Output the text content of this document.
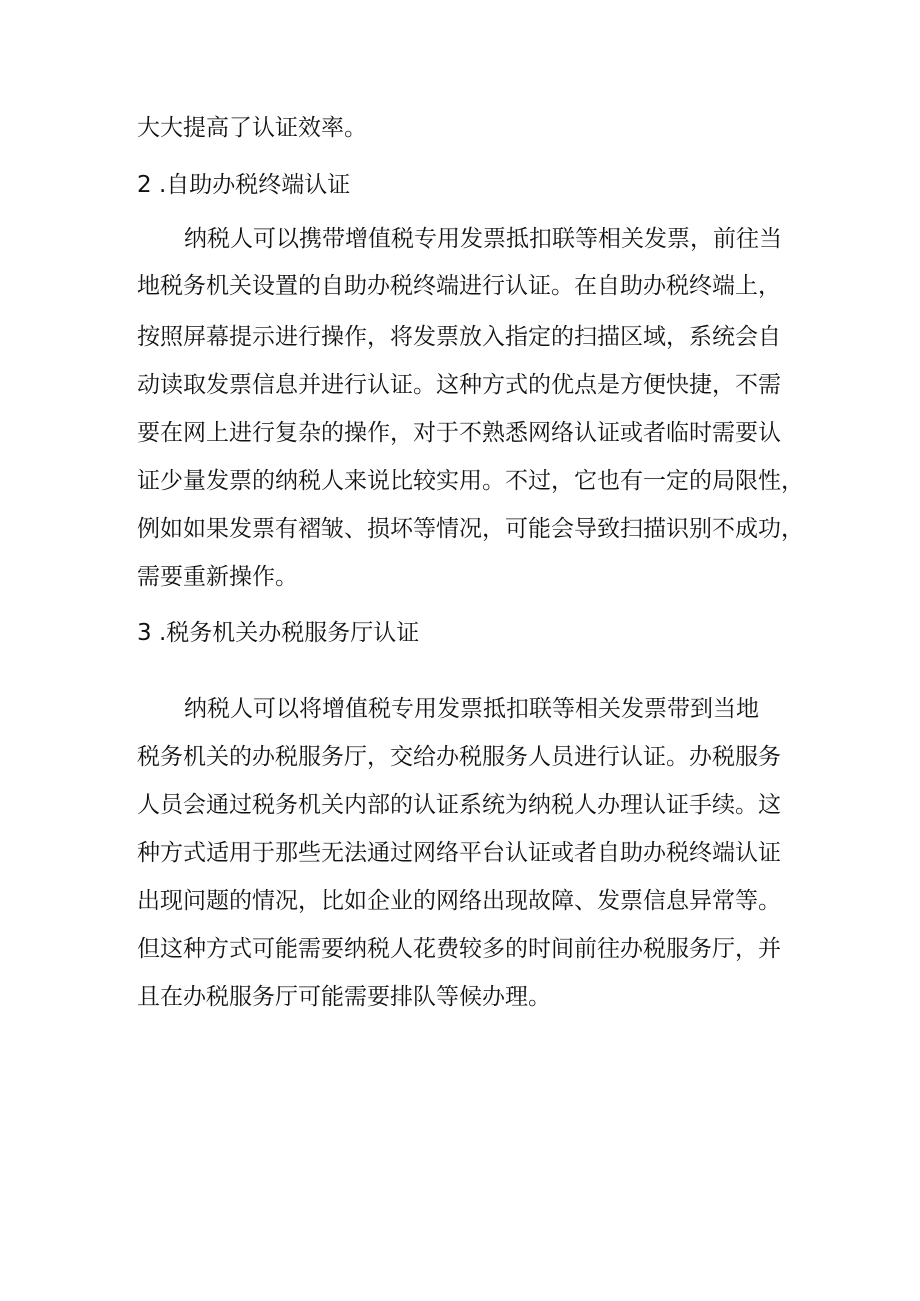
大大提高了认证效率。
2 .自助办税终端认证
纳税人可以携带增值税专用发票抵扣联等相关发票，前往当
地税务机关设置的自助办税终端进行认证。在自助办税终端上，
按照屏幕提示进行操作，将发票放入指定的扫描区域，系统会自
动读取发票信息并进行认证。这种方式的优点是方便快捷，不需
要在网上进行复杂的操作，对于不熟悉网络认证或者临时需要认
证少量发票的纳税人来说比较实用。不过，它也有一定的局限性，
例如如果发票有褶皱、损坏等情况，可能会导致扫描识别不成功，
需要重新操作。
3 .税务机关办税服务厅认证
纳税人可以将增值税专用发票抵扣联等相关发票带到当地
税务机关的办税服务厅，交给办税服务人员进行认证。办税服务
人员会通过税务机关内部的认证系统为纳税人办理认证手续。这
种方式适用于那些无法通过网络平台认证或者自助办税终端认证
出现问题的情况，比如企业的网络出现故障、发票信息异常等。
但这种方式可能需要纳税人花费较多的时间前往办税服务厅，并
且在办税服务厅可能需要排队等候办理。
